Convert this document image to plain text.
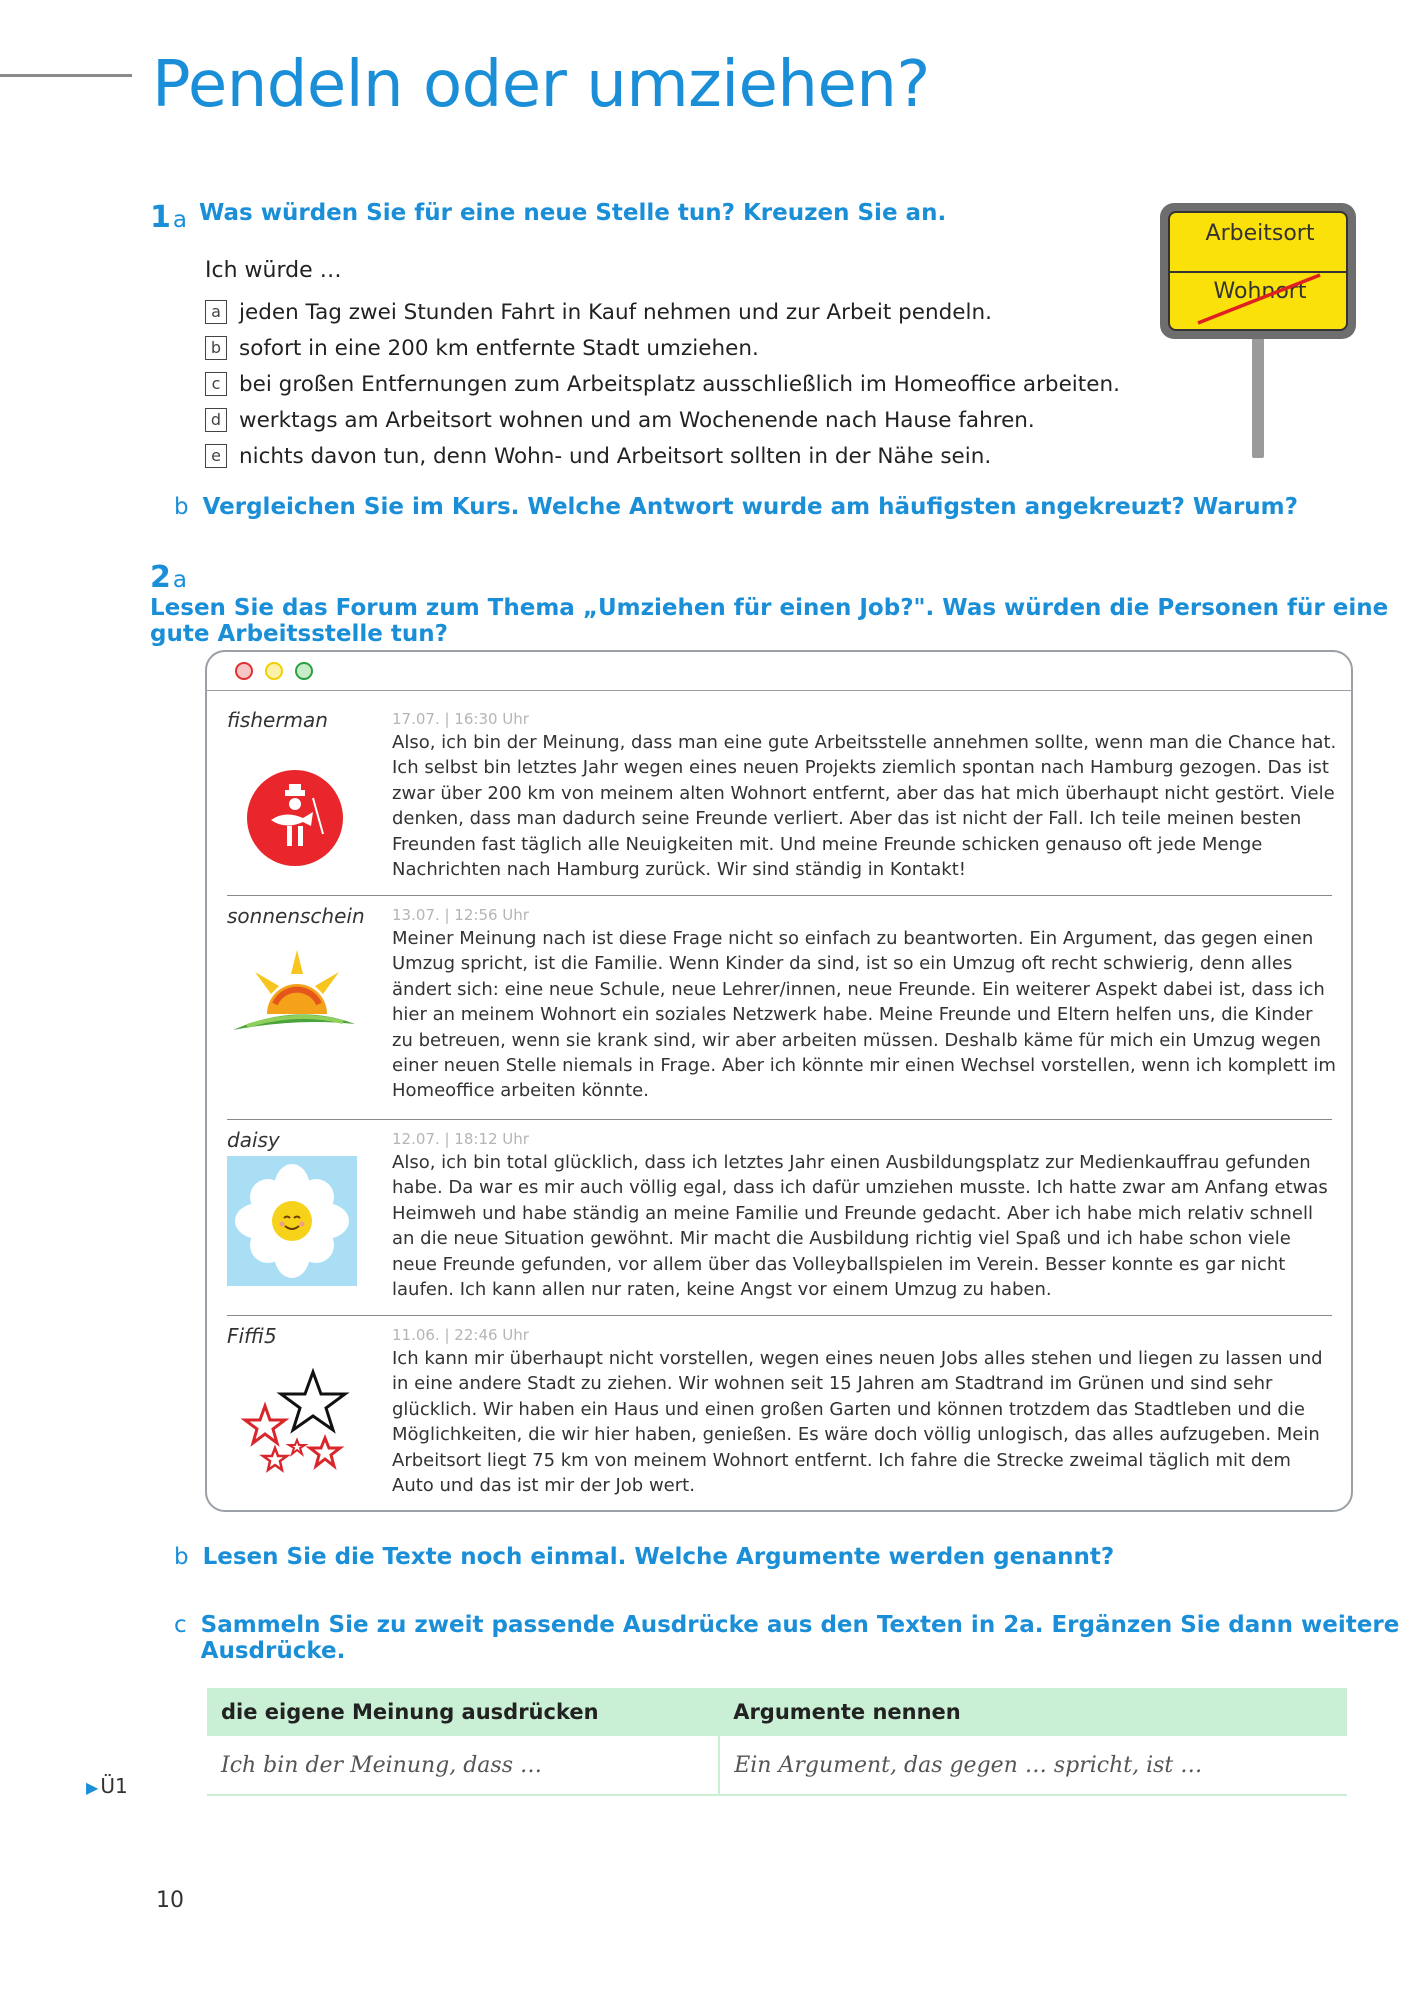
Pendeln oder umziehen?
1a Was würden Sie für eine neue Stelle tun? Kreuzen Sie an.
Ich würde …
a jeden Tag zwei Stunden Fahrt in Kauf nehmen und zur Arbeit pendeln.
b sofort in eine 200 km entfernte Stadt umziehen.
c bei großen Entfernungen zum Arbeitsplatz ausschließlich im Homeoffice arbeiten.
d werktags am Arbeitsort wohnen und am Wochenende nach Hause fahren.
e nichts davon tun, denn Wohn- und Arbeitsort sollten in der Nähe sein.
Arbeitsort
Wohnort
b Vergleichen Sie im Kurs. Welche Antwort wurde am häufigsten angekreuzt? Warum?
2aLesen Sie das Forum zum Thema „Umziehen für einen Job?". Was würden die Personen für eine
gute Arbeitsstelle tun?
fisherman	17.07. | 16:30 Uhr

Also, ich bin der Meinung, dass man eine gute Arbeitsstelle annehmen sollte, wenn man die Chance hat. Ich selbst bin letztes Jahr wegen eines neuen Projekts ziemlich spontan nach Hamburg gezogen. Das ist zwar über 200 km von meinem alten Wohnort entfernt, aber das hat mich überhaupt nicht gestört. Viele denken, dass man dadurch seine Freunde verliert. Aber das ist nicht der Fall. Ich teile meinen besten Freunden fast täglich alle Neuigkeiten mit. Und meine Freunde schicken genauso oft jede Menge Nachrichten nach Hamburg zurück. Wir sind ständig in Kontakt!

sonnenschein 13.07. | 12:56 Uhr

Meiner Meinung nach ist diese Frage nicht so einfach zu beantworten. Ein Argument, das gegen einen Umzug spricht, ist die Familie. Wenn Kinder da sind, ist so ein Umzug oft recht schwierig, denn alles ändert sich: eine neue Schule, neue Lehrer/innen, neue Freunde. Ein weiterer Aspekt dabei ist, dass ich hier an meinem Wohnort ein soziales Netzwerk habe. Meine Freunde und Eltern helfen uns, die Kinder zu betreuen, wenn sie krank sind, wir aber arbeiten müssen. Deshalb käme für mich ein Umzug wegen einer neuen Stelle niemals in Frage. Aber ich könnte mir einen Wechsel vorstellen, wenn ich komplett im Homeoffice arbeiten könnte.

daisy	12.07. | 18:12 Uhr

Also, ich bin total glücklich, dass ich letztes Jahr einen Ausbildungsplatz zur Medienkauffrau gefunden habe. Da war es mir auch völlig egal, dass ich dafür umziehen musste. Ich hatte zwar am Anfang etwas Heimweh und habe ständig an meine Familie und Freunde gedacht. Aber ich habe mich relativ schnell an die neue Situation gewöhnt. Mir macht die Ausbildung richtig viel Spaß und ich habe schon viele neue Freunde gefunden, vor allem über das Volleyballspielen im Verein. Besser konnte es gar nicht laufen. Ich kann allen nur raten, keine Angst vor einem Umzug zu haben.

Fiffi5	11.06. | 22:46 Uhr

Ich kann mir überhaupt nicht vorstellen, wegen eines neuen Jobs alles stehen und liegen zu lassen und in eine andere Stadt zu ziehen. Wir wohnen seit 15 Jahren am Stadtrand im Grünen und sind sehr glücklich. Wir haben ein Haus und einen großen Garten und können trotzdem das Stadtleben und die Möglichkeiten, die wir hier haben, genießen. Es wäre doch völlig unlogisch, das alles aufzugeben. Mein Arbeitsort liegt 75 km von meinem Wohnort entfernt. Ich fahre die Strecke zweimal täglich mit dem Auto und das ist mir der Job wert.

b Lesen Sie die Texte noch einmal. Welche Argumente werden genannt?
c Sammeln Sie zu zweit passende Ausdrücke aus den Texten in 2a. Ergänzen Sie dann weitere
Ausdrücke.
die eigene Meinung ausdrücken	Argumente nennen
Ich bin der Meinung, dass …	Ein Argument, das gegen … spricht, ist …
▶ Ü1
10
